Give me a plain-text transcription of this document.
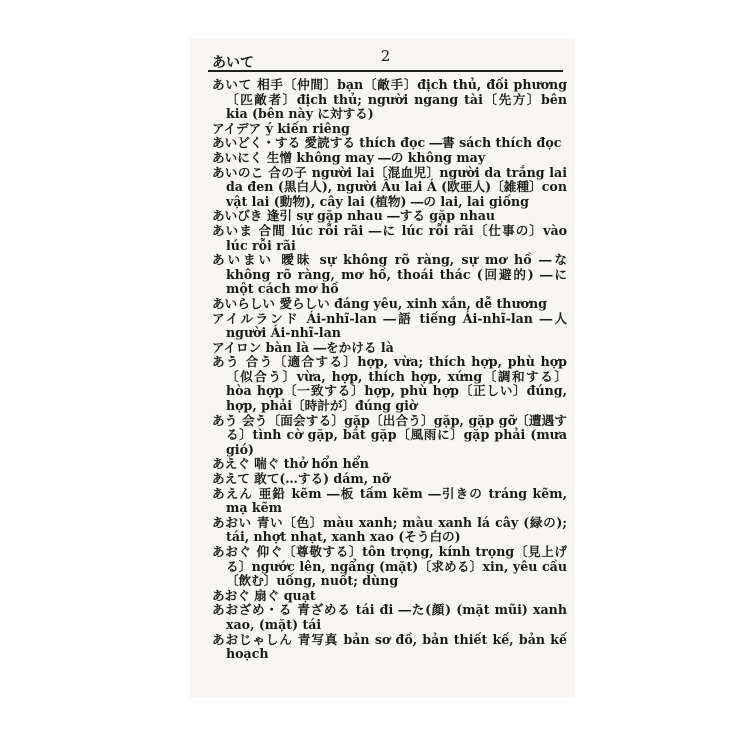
あいて	2
あいて 相手〔仲間〕bạn〔敵手〕địch thủ, đối phương〔匹敵者〕địch thủ; người ngang tài〔先方〕bên kia (bên này に対する)
アイデア ý kiến riêng
あいどく・する 愛読する thích đọc ―書 sách thích đọc
あいにく 生憎 không may ―の không may
あいのこ 合の子 người lai〔混血児〕người da trắng lai da đen (黒白人), người Âu lai Á (欧亜人)〔雑種〕con vật lai (動物), cây lai (植物) ―の lai, lai giống
あいびき 逢引 sự gặp nhau ―する gặp nhau
あいま 合間 lúc rỗi rãi ―に lúc rỗi rãi〔仕事の〕vào lúc rỗi rãi
あいまい 曖昧 sự không rõ ràng, sự mơ hồ ―な không rõ ràng, mơ hồ, thoái thác (回避的) ―に một cách mơ hồ
あいらしい 愛らしい đáng yêu, xinh xắn, dễ thương
アイルランド Ái-nhĩ-lan ―語 tiếng Ái-nhĩ-lan ―人 người Ái-nhĩ-lan
アイロン bàn là ―をかける là
あう 合う〔適合する〕hợp, vừa; thích hợp, phù hợp〔似合う〕vừa, hợp, thích hợp, xứng〔調和する〕hòa hợp〔一致する〕hợp, phù hợp〔正しい〕đúng, hợp, phải〔時計が〕đúng giờ
あう 会う〔面会する〕gặp〔出合う〕gặp, gặp gỡ〔遭遇する〕tình cờ gặp, bắt gặp〔風雨に〕gặp phải (mưa gió)
あえぐ 喘ぐ thở hổn hển
あえて 敢て(…する) dám, nỡ
あえん 亜鉛 kẽm ―板 tấm kẽm ―引きの tráng kẽm, mạ kẽm
あおい 青い〔色〕màu xanh; màu xanh lá cây (緑の); tái, nhợt nhạt, xanh xao (そう白の)
あおぐ 仰ぐ〔尊敬する〕tôn trọng, kính trọng〔見上げる〕ngước lên, ngẩng (mặt)〔求める〕xin, yêu cầu〔飲む〕uống, nuốt; dùng
あおぐ 扇ぐ quạt
あおざめ・る 青ざめる tái đi ―た(顔) (mặt mũi) xanh xao, (mặt) tái
あおじゃしん 青写真 bản sơ đồ, bản thiết kế, bản kế hoạch
